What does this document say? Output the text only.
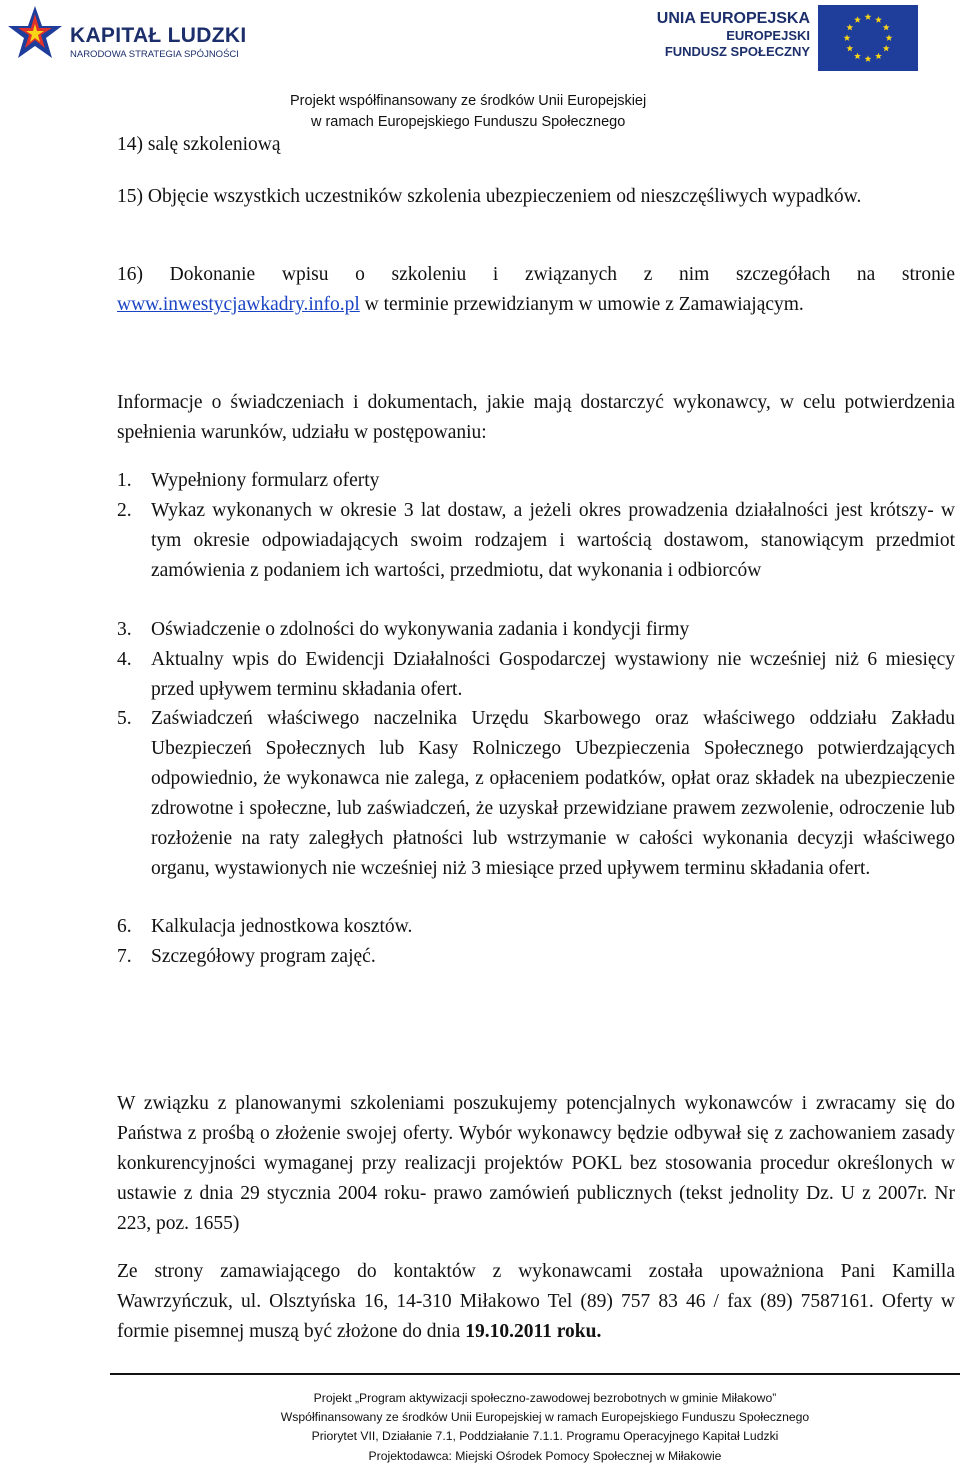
KAPITAŁ LUDZKI
NARODOWA STRATEGIA SPÓJNOŚCI
UNIA EUROPEJSKA
EUROPEJSKI
FUNDUSZ SPOŁECZNY
Projekt współfinansowany ze środków Unii Europejskiej
w ramach Europejskiego Funduszu Społecznego
14) salę szkoleniową
15) Objęcie wszystkich uczestników szkolenia ubezpieczeniem od nieszczęśliwych wypadków.
16) Dokonanie wpisu o szkoleniu i związanych z nim szczegółach na stronie
www.inwestycjawkadry.info.pl w terminie przewidzianym w umowie z Zamawiającym.
Informacje o świadczeniach i dokumentach, jakie mają dostarczyć wykonawcy, w celu potwierdzenia spełnienia warunków, udziału w postępowaniu:
1. Wypełniony formularz oferty
2. Wykaz wykonanych w okresie 3 lat dostaw, a jeżeli okres prowadzenia działalności jest krótszy- w tym okresie odpowiadających swoim rodzajem i wartością dostawom, stanowiącym przedmiot zamówienia z podaniem ich wartości, przedmiotu, dat wykonania i odbiorców
3. Oświadczenie o zdolności do wykonywania zadania i kondycji firmy
4. Aktualny wpis do Ewidencji Działalności Gospodarczej wystawiony nie wcześniej niż 6 miesięcy przed upływem terminu składania ofert.
5. Zaświadczeń właściwego naczelnika Urzędu Skarbowego oraz właściwego oddziału Zakładu Ubezpieczeń Społecznych lub Kasy Rolniczego Ubezpieczenia Społecznego potwierdzających odpowiednio, że wykonawca nie zalega, z opłaceniem podatków, opłat oraz składek na ubezpieczenie zdrowotne i społeczne, lub zaświadczeń, że uzyskał przewidziane prawem zezwolenie, odroczenie lub rozłożenie na raty zaległych płatności lub wstrzymanie w całości wykonania decyzji właściwego organu, wystawionych nie wcześniej niż 3 miesiące przed upływem terminu składania ofert.
6. Kalkulacja jednostkowa kosztów.
7. Szczegółowy program zajęć.
W związku z planowanymi szkoleniami poszukujemy potencjalnych wykonawców i zwracamy się do Państwa z prośbą o złożenie swojej oferty. Wybór wykonawcy będzie odbywał się z zachowaniem zasady konkurencyjności wymaganej przy realizacji projektów POKL bez stosowania procedur określonych w ustawie z dnia 29 stycznia 2004 roku- prawo zamówień publicznych (tekst jednolity Dz. U z 2007r. Nr 223, poz. 1655)
Ze strony zamawiającego do kontaktów z wykonawcami została upoważniona Pani Kamilla Wawrzyńczuk, ul. Olsztyńska 16, 14-310 Miłakowo Tel (89) 757 83 46 / fax (89) 7587161. Oferty w formie pisemnej muszą być złożone do dnia 19.10.2011 roku.
Projekt „Program aktywizacji społeczno-zawodowej bezrobotnych w gminie Miłakowo”
Współfinansowany ze środków Unii Europejskiej w ramach Europejskiego Funduszu Społecznego
Priorytet VII, Działanie 7.1, Poddziałanie 7.1.1. Programu Operacyjnego Kapitał Ludzki
Projektodawca: Miejski Ośrodek Pomocy Społecznej w Miłakowie
